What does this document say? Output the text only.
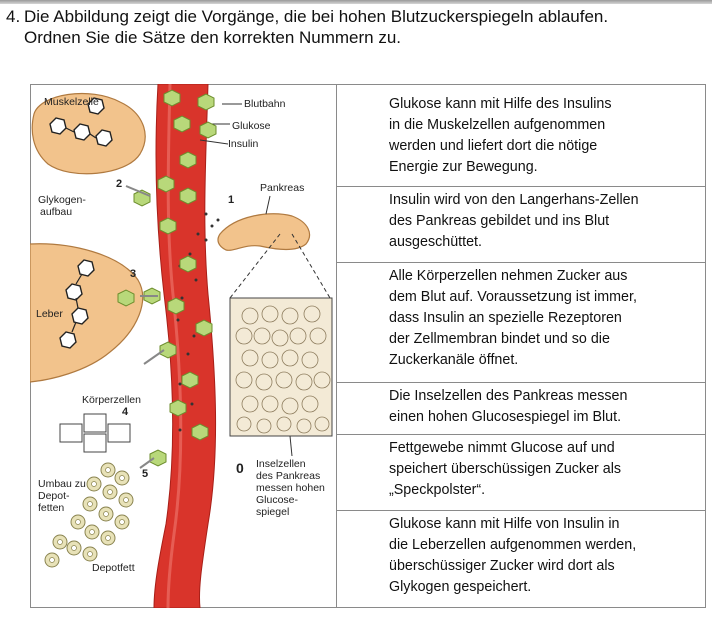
4. Die Abbildung zeigt die Vorgänge, die bei hohen Blutzuckerspiegeln ablaufen.
Ordnen Sie die Sätze den korrekten Nummern zu.
Muskelzelle	Blutbahn
Glukose
Insulin
Pankreas
Glykogen-
aufbau
Leber
Körperzellen
Umbau zu
Depot-
fetten
Depotfett
Inselzellen
des Pankreas
messen hohen
Glucose-
spiegel
0
1
2
3
4
5
Glukose kann mit Hilfe des Insulins
in die Muskelzellen aufgenommen
werden und liefert dort die nötige
Energie zur Bewegung.
Insulin wird von den Langerhans-Zellen
des Pankreas gebildet und ins Blut
ausgeschüttet.
Alle Körperzellen nehmen Zucker aus
dem Blut auf. Voraussetzung ist immer,
dass Insulin an spezielle Rezeptoren
der Zellmembran bindet und so die
Zuckerkanäle öffnet.
Die Inselzellen des Pankreas messen
einen hohen Glucosespiegel im Blut.
Fettgewebe nimmt Glucose auf und
speichert überschüssigen Zucker als
„Speckpolster“.
Glukose kann mit Hilfe von Insulin in
die Leberzellen aufgenommen werden,
überschüssiger Zucker wird dort als
Glykogen gespeichert.
